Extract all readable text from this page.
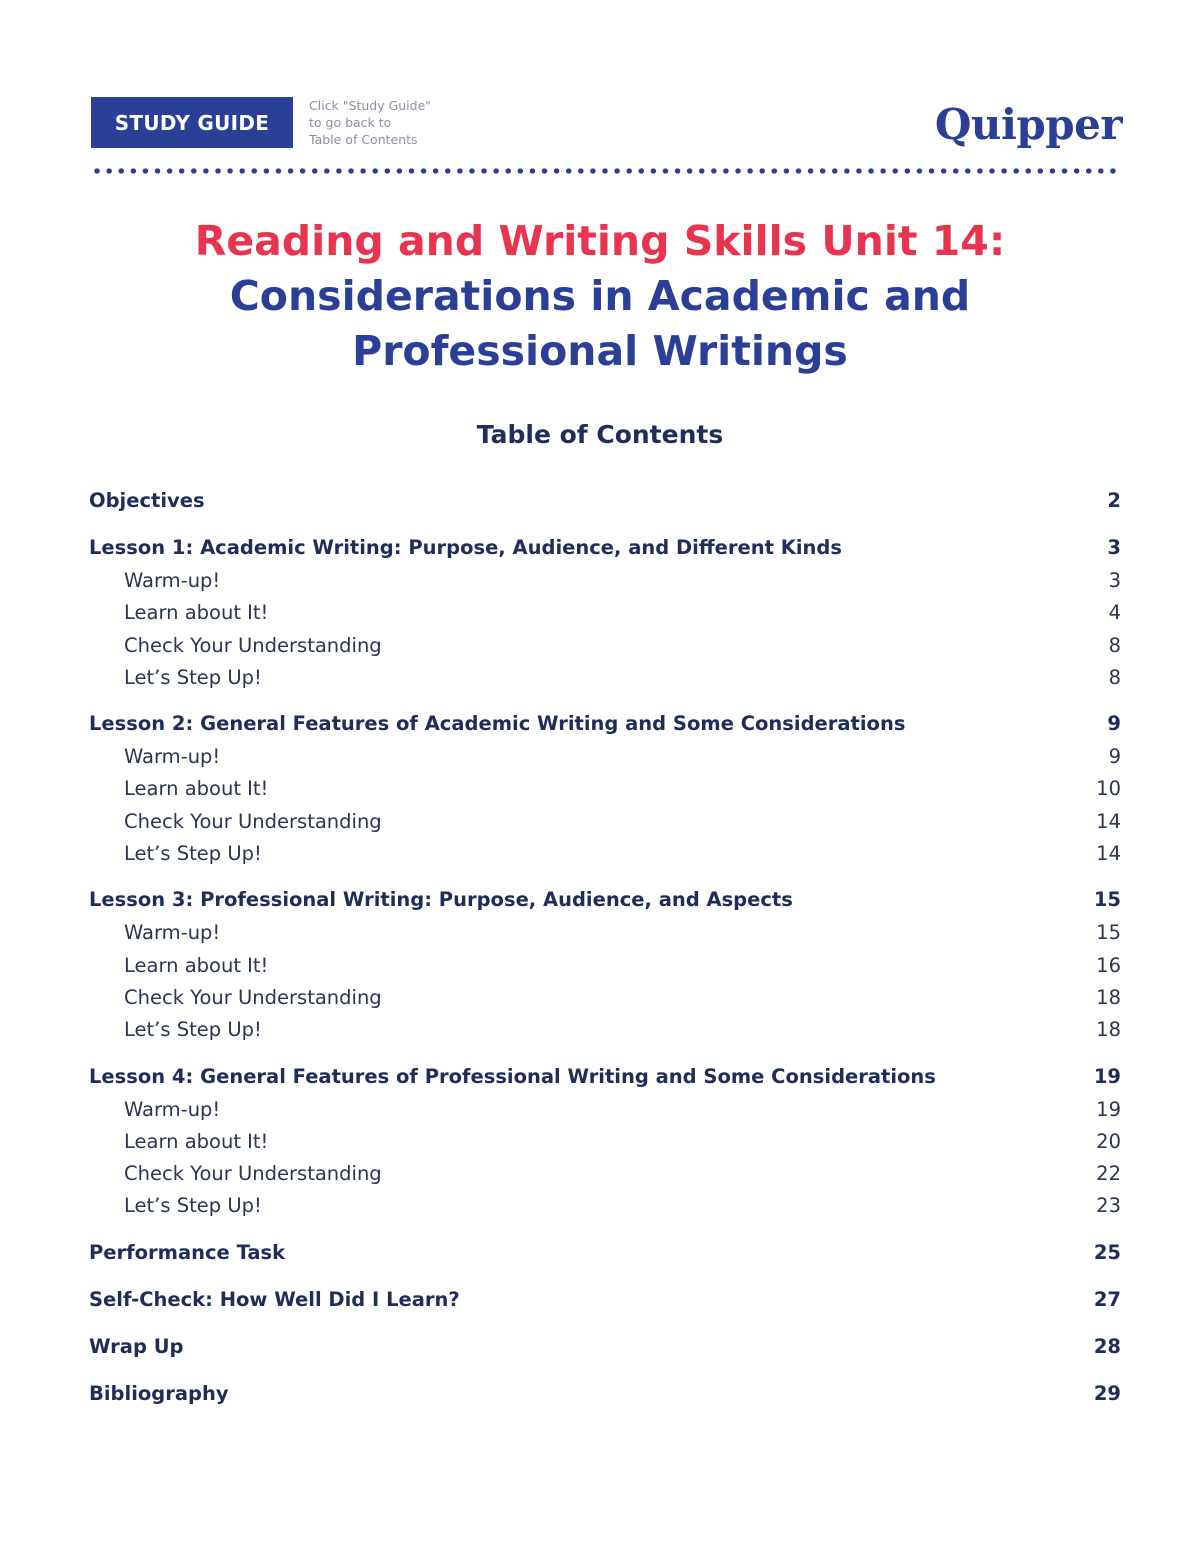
STUDY GUIDE
Click "Study Guide"
to go back to
Table of Contents	Quipper
Reading and Writing Skills Unit 14:
Considerations in Academic and
Professional Writings
Table of Contents
Objectives	2
Lesson 1: Academic Writing: Purpose, Audience, and Different Kinds	3
Warm-up!	3
Learn about It!	4
Check Your Understanding	8
Let’s Step Up!	8
Lesson 2: General Features of Academic Writing and Some Considerations	9
Warm-up!	9
Learn about It!	10
Check Your Understanding	14
Let’s Step Up!	14
Lesson 3: Professional Writing: Purpose, Audience, and Aspects	15
Warm-up!	15
Learn about It!	16
Check Your Understanding	18
Let’s Step Up!	18
Lesson 4: General Features of Professional Writing and Some Considerations	19
Warm-up!	19
Learn about It!	20
Check Your Understanding	22
Let’s Step Up!	23
Performance Task	25
Self-Check: How Well Did I Learn?	27
Wrap Up	28
Bibliography	29
